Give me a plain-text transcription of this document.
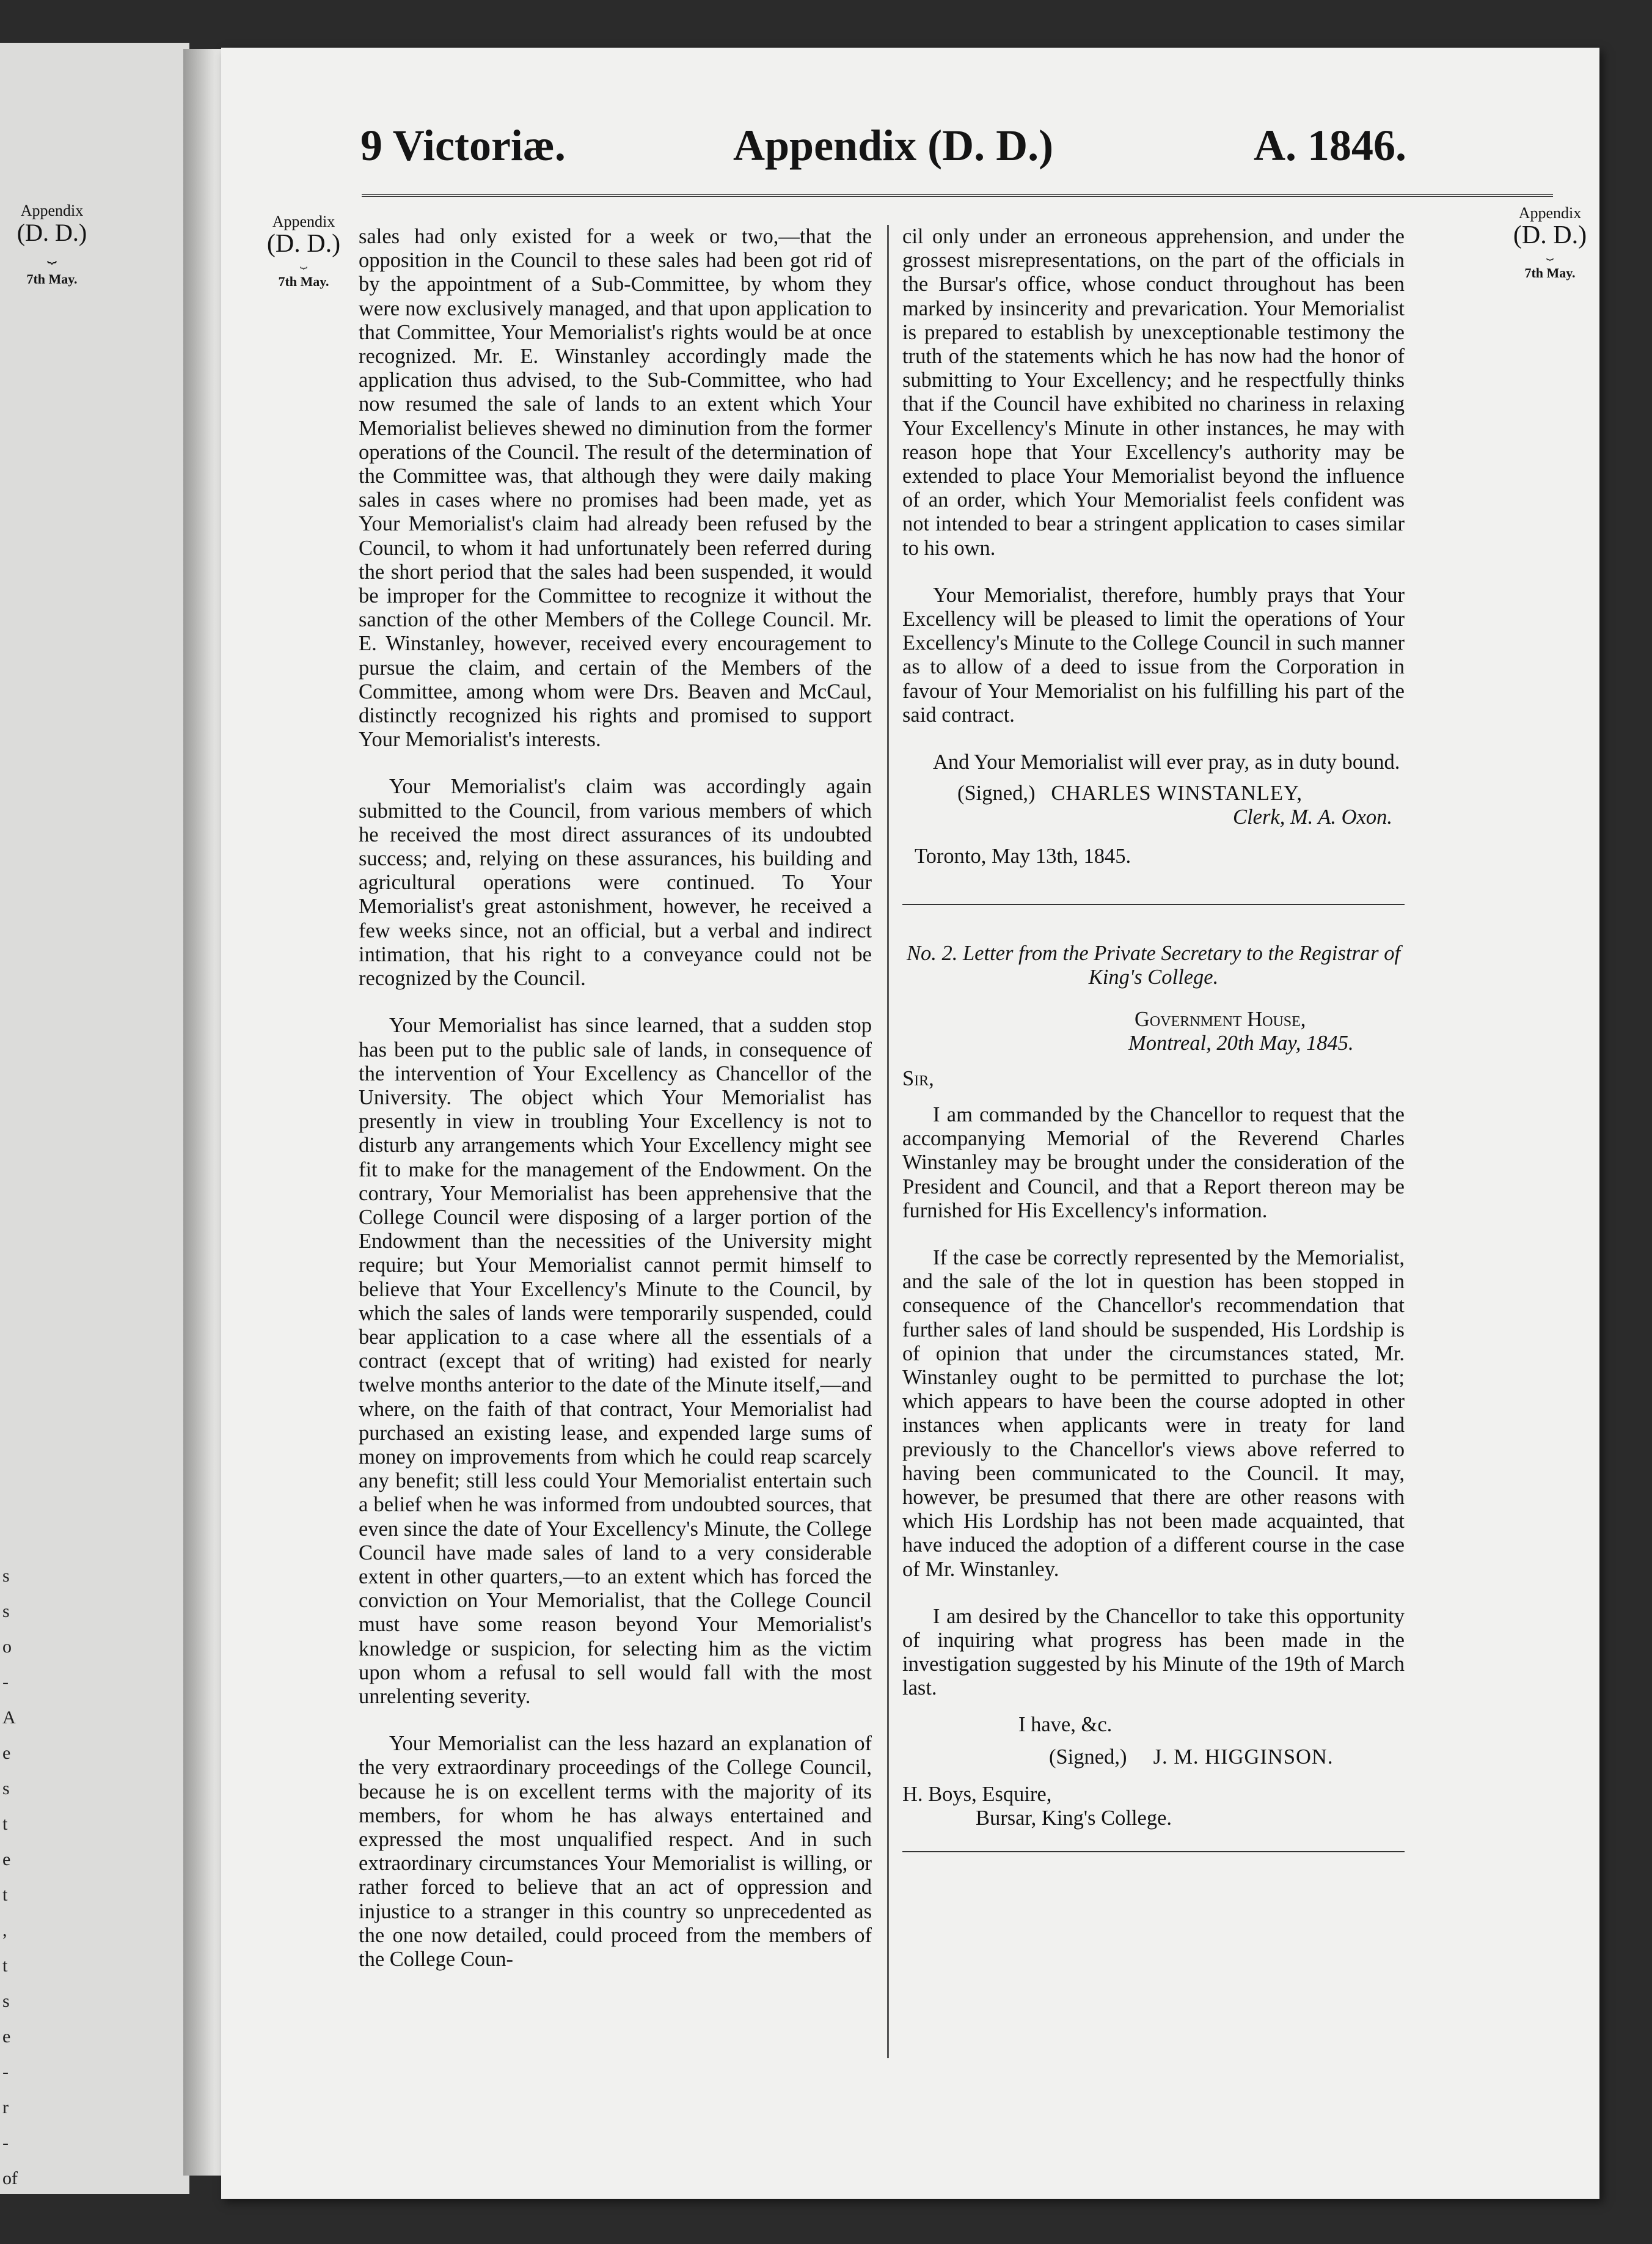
Appendix
(D. D.)
⏟
7th May.
s
s
o
-
A
e
s
t
e
t
,
t
s
e
-
r
-
of
9 Victoriæ.	Appendix (D. D.)	A. 1846.
Appendix
(D. D.)
⏟
7th May.
Appendix
(D. D.)
⏟
7th May.

sales had only existed for a week or two,—that the opposition in the Council to these sales had been got rid of by the appointment of a Sub-Committee, by whom they were now exclusively managed, and that upon application to that Committee, Your Memorialist's rights would be at once recognized. Mr. E. Winstanley accordingly made the application thus advised, to the Sub-Committee, who had now resumed the sale of lands to an extent which Your Memorialist believes shewed no diminution from the former operations of the Council. The result of the determination of the Committee was, that although they were daily making sales in cases where no promises had been made, yet as Your Memorialist's claim had already been refused by the Council, to whom it had unfortunately been referred during the short period that the sales had been suspended, it would be improper for the Committee to recognize it without the sanction of the other Members of the College Council. Mr. E. Winstanley, however, received every encouragement to pursue the claim, and certain of the Members of the Committee, among whom were Drs. Beaven and McCaul, distinctly recognized his rights and promised to support Your Memorialist's interests.

Your Memorialist's claim was accordingly again submitted to the Council, from various members of which he received the most direct assurances of its undoubted success; and, relying on these assurances, his building and agricultural operations were continued. To Your Memorialist's great astonishment, however, he received a few weeks since, not an official, but a verbal and indirect intimation, that his right to a conveyance could not be recognized by the Council.

Your Memorialist has since learned, that a sudden stop has been put to the public sale of lands, in consequence of the intervention of Your Excellency as Chancellor of the University. The object which Your Memorialist has presently in view in troubling Your Excellency is not to disturb any arrangements which Your Excellency might see fit to make for the management of the Endowment. On the contrary, Your Memorialist has been apprehensive that the College Council were disposing of a larger portion of the Endowment than the necessities of the University might require; but Your Memorialist cannot permit himself to believe that Your Excellency's Minute to the Council, by which the sales of lands were temporarily suspended, could bear application to a case where all the essentials of a contract (except that of writing) had existed for nearly twelve months anterior to the date of the Minute itself,—and where, on the faith of that contract, Your Memorialist had purchased an existing lease, and expended large sums of money on improvements from which he could reap scarcely any benefit; still less could Your Memorialist entertain such a belief when he was informed from undoubted sources, that even since the date of Your Excellency's Minute, the College Council have made sales of land to a very considerable extent in other quarters,—to an extent which has forced the conviction on Your Memorialist, that the College Council must have some reason beyond Your Memorialist's knowledge or suspicion, for selecting him as the victim upon whom a refusal to sell would fall with the most unrelenting severity.

Your Memorialist can the less hazard an explanation of the very extraordinary proceedings of the College Council, because he is on excellent terms with the majority of its members, for whom he has always entertained and expressed the most unqualified respect. And in such extraordinary circumstances Your Memorialist is willing, or rather forced to believe that an act of oppression and injustice to a stranger in this country so unprecedented as the one now detailed, could proceed from the members of the College Coun-

cil only under an erroneous apprehension, and under the grossest misrepresentations, on the part of the officials in the Bursar's office, whose conduct throughout has been marked by insincerity and prevarication. Your Memorialist is prepared to establish by unexceptionable testimony the truth of the statements which he has now had the honor of submitting to Your Excellency; and he respectfully thinks that if the Council have exhibited no chariness in relaxing Your Excellency's Minute in other instances, he may with reason hope that Your Excellency's authority may be extended to place Your Memorialist beyond the influence of an order, which Your Memorialist feels confident was not intended to bear a stringent application to cases similar to his own.

Your Memorialist, therefore, humbly prays that Your Excellency will be pleased to limit the operations of Your Excellency's Minute to the College Council in such manner as to allow of a deed to issue from the Corporation in favour of Your Memorialist on his fulfilling his part of the said contract.

And Your Memorialist will ever pray, as in duty bound.

(Signed,) CHARLES WINSTANLEY,
Clerk, M. A. Oxon.
Toronto, May 13th, 1845.

No. 2. Letter from the Private Secretary to the Registrar of King's College.

Government House,
Montreal, 20th May, 1845.
Sir,

I am commanded by the Chancellor to request that the accompanying Memorial of the Reverend Charles Winstanley may be brought under the consideration of the President and Council, and that a Report thereon may be furnished for His Excellency's information.

If the case be correctly represented by the Memorialist, and the sale of the lot in question has been stopped in consequence of the Chancellor's recommendation that further sales of land should be suspended, His Lordship is of opinion that under the circumstances stated, Mr. Winstanley ought to be permitted to purchase the lot; which appears to have been the course adopted in other instances when applicants were in treaty for land previously to the Chancellor's views above referred to having been communicated to the Council. It may, however, be presumed that there are other reasons with which His Lordship has not been made acquainted, that have induced the adoption of a different course in the case of Mr. Winstanley.

I am desired by the Chancellor to take this opportunity of inquiring what progress has been made in the investigation suggested by his Minute of the 19th of March last.

I have, &c.
(Signed,) J. M. HIGGINSON.
H. Boys, Esquire,
Bursar, King's College.
